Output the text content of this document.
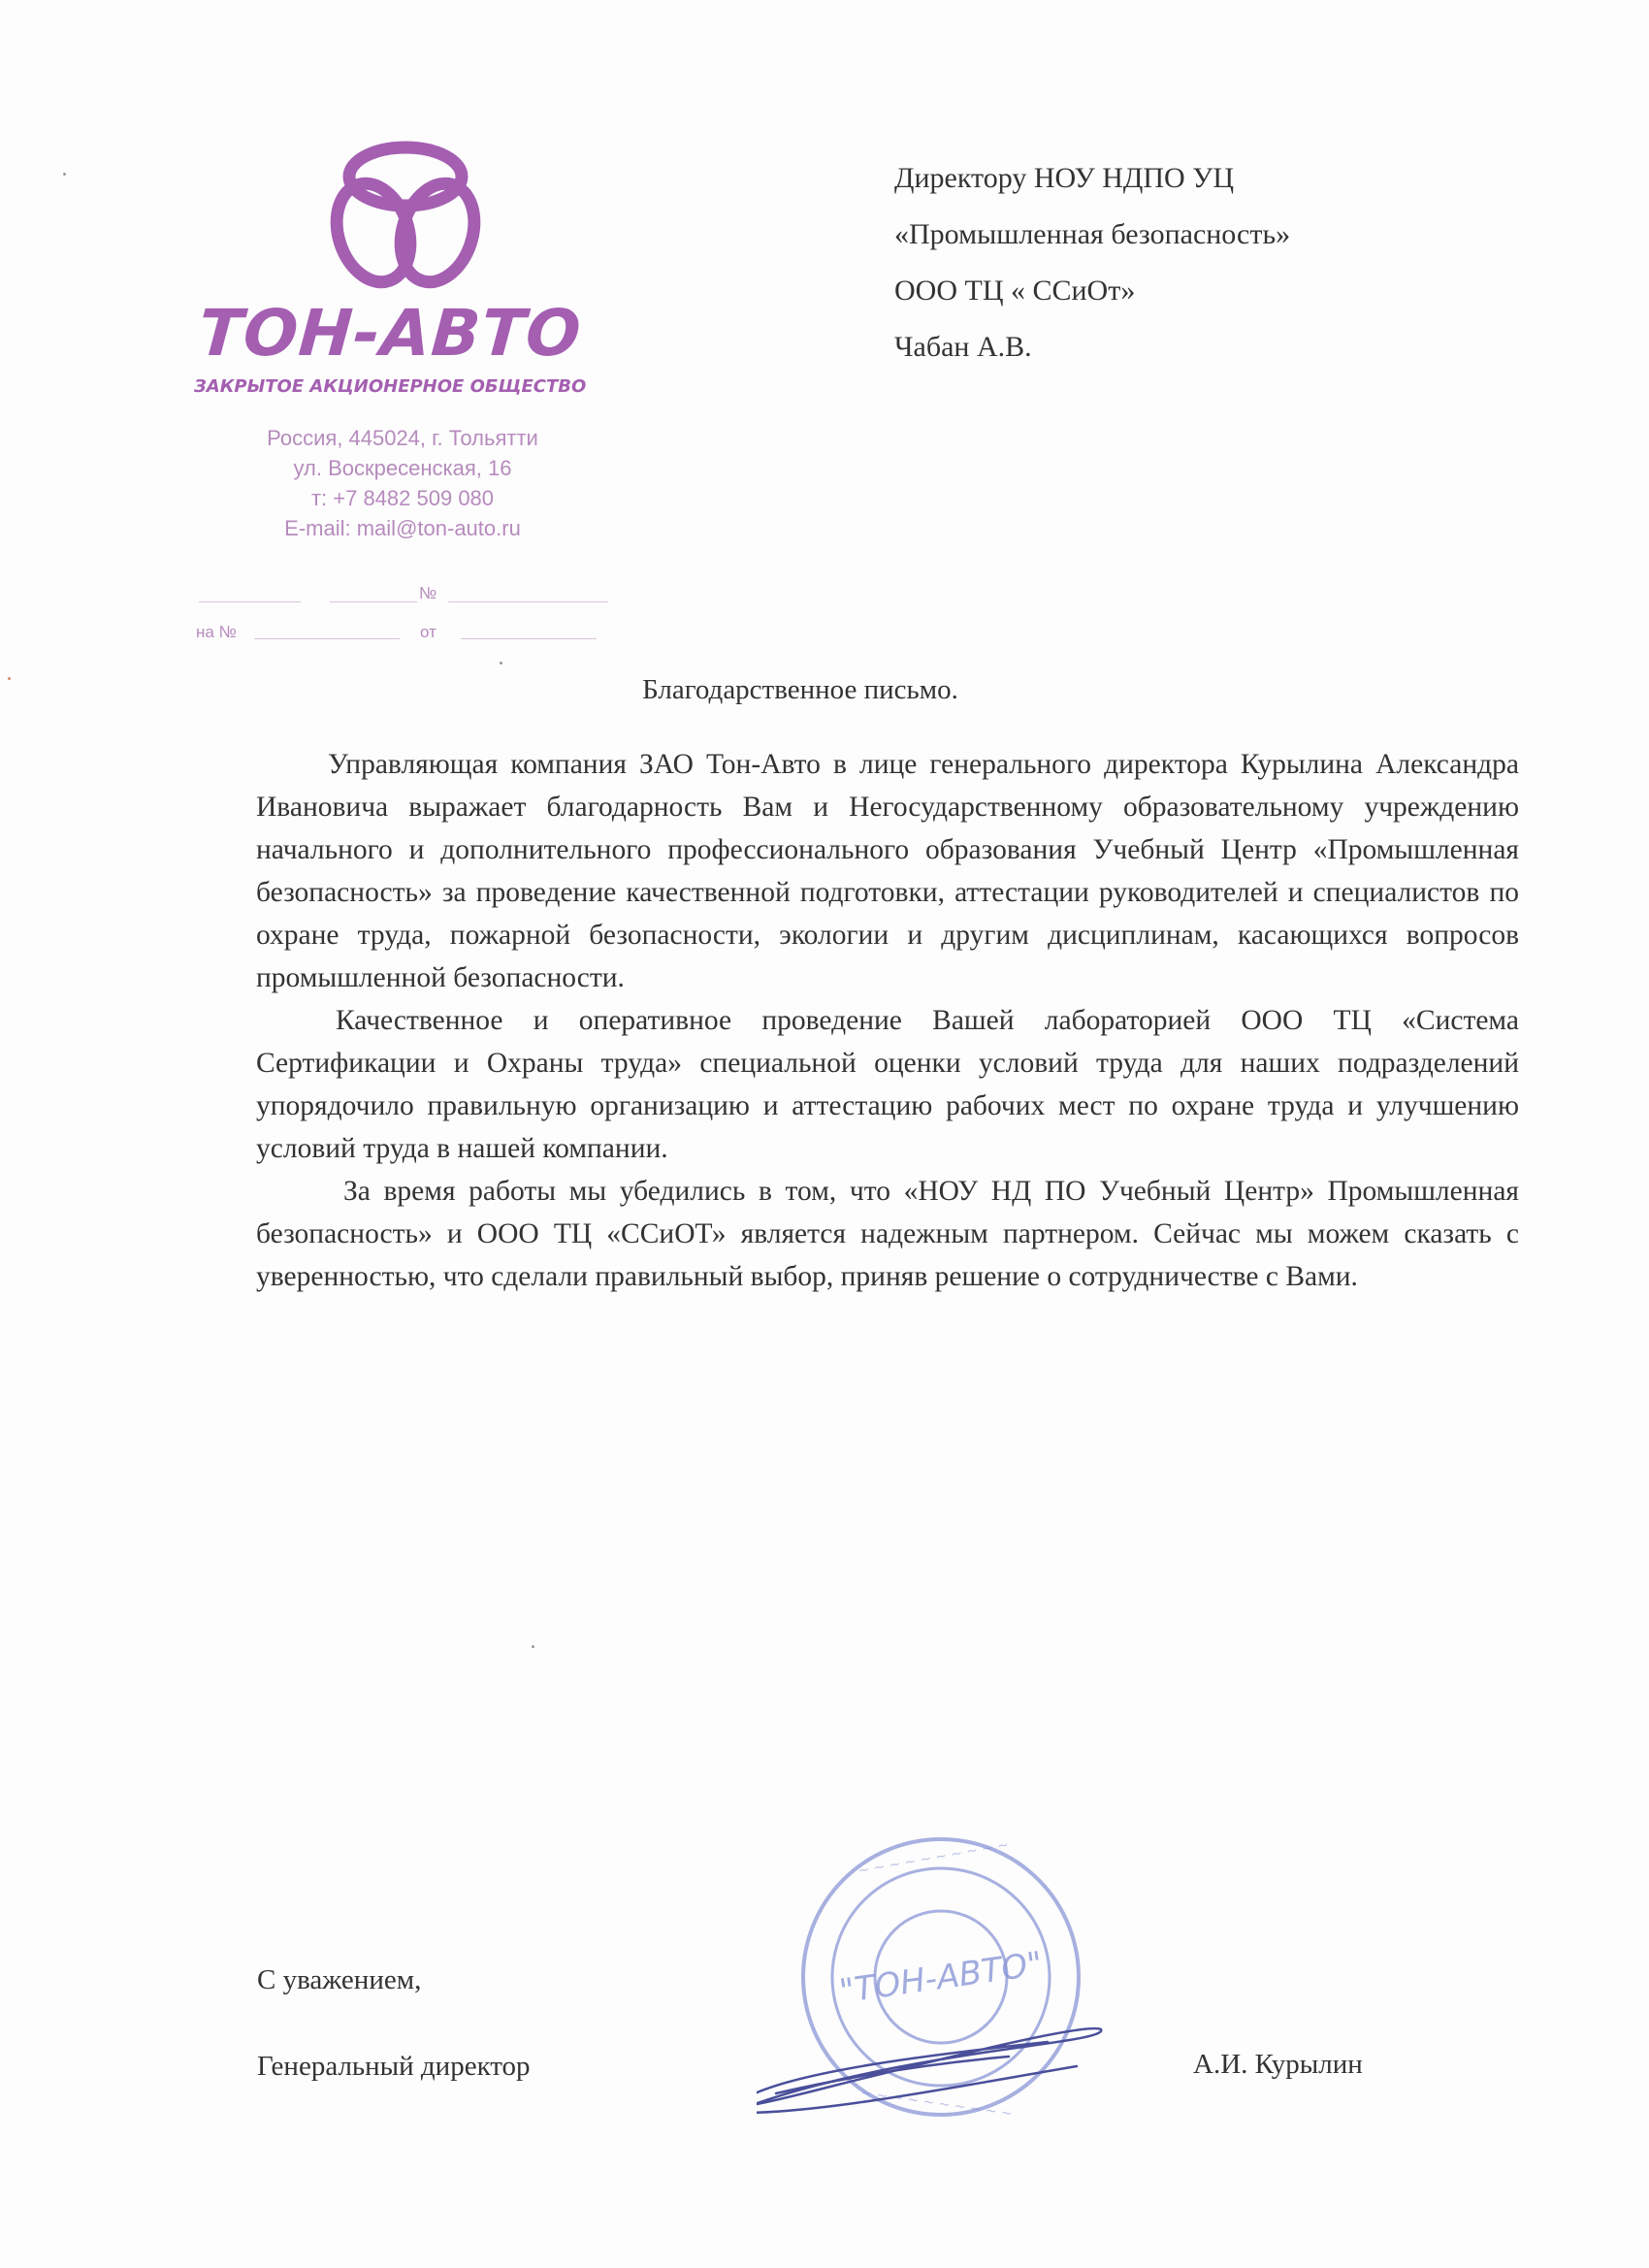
ТОН-АВТО
ЗАКРЫТОЕ АКЦИОНЕРНОЕ ОБЩЕСТВО
Россия, 445024, г. Тольятти
ул. Воскресенская, 16
т: +7 8482 509 080
E-mail: mail@ton-auto.ru
№
на №	от
Директору НОУ НДПО УЦ
«Промышленная безопасность»
ООО ТЦ « ССиОт»
Чабан А.В.
Благодарственное письмо.

Управляющая компания ЗАО Тон-Авто в лице генерального директора Курылина Александра Ивановича выражает благодарность Вам и Негосударственному образовательному учреждению начального и дополнительного профессионального образования Учебный Центр «Промышленная безопасность» за проведение качественной подготовки, аттестации руководителей и специалистов по охране труда, пожарной безопасности, экологии и другим дисциплинам, касающихся вопросов промышленной безопасности.

Качественное и оперативное проведение Вашей лабораторией ООО ТЦ «Система Сертификации и Охраны труда» специальной оценки условий труда для наших подразделений упорядочило правильную организацию и аттестацию рабочих мест по охране труда и улучшению условий труда в нашей компании.

За время работы мы убедились в том, что «НОУ НД ПО Учебный Центр» Промышленная безопасность» и ООО ТЦ «ССиОТ» является надежным партнером. Сейчас мы можем сказать с уверенностью, что сделали правильный выбор, приняв решение о сотрудничестве с Вами.

С уважением,
Генеральный директор	А.И. Курылин
~ ~ ~ ~ ~ ~ ~ ~ ~ ~
~ ~ ~ ~ ~ ~ ~ ~ ~ ~
"ТОН-АВТО"
